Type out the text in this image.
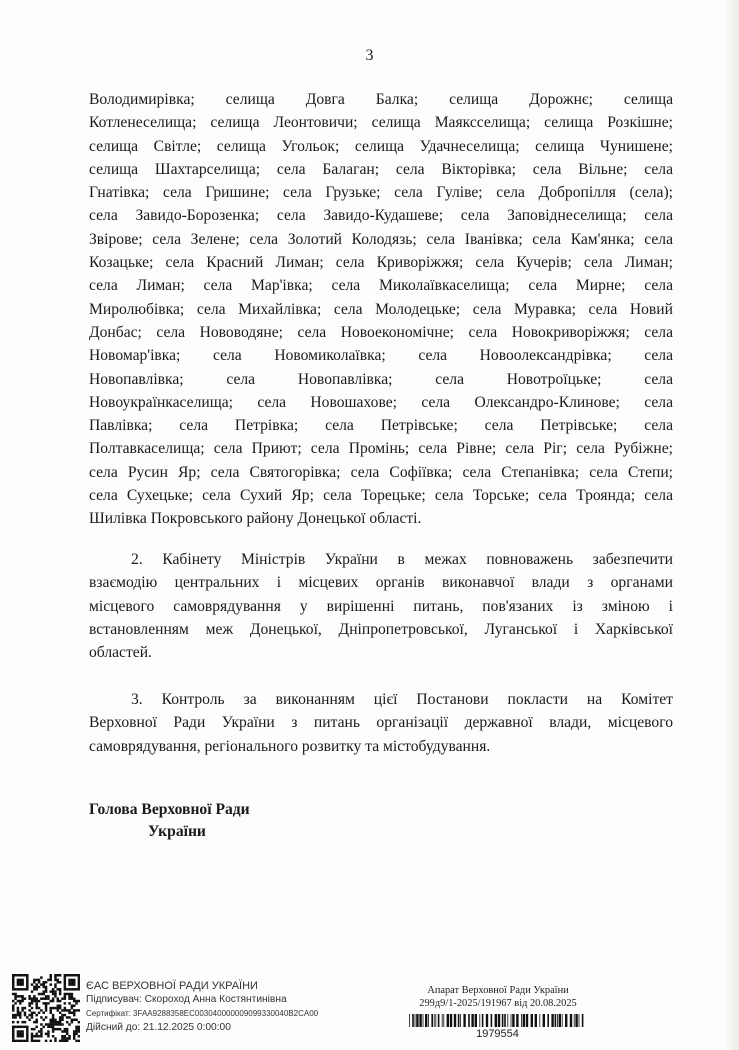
3
Володимирівка; селища Довга Балка; селища Дорожнє; селища
Котленеселища; селища Леонтовичи; селища Маяксселища; селища Розкішне;
селища Світле; селища Угольок; селища Удачнеселища; селища Чунишене;
селища Шахтарселища; села Балаган; села Вікторівка; села Вільне; села
Гнатівка; села Гришине; села Грузьке; села Гуліве; села Добропілля (села);
села Завидо-Борозенка; села Завидо-Кудашеве; села Заповіднеселища; села
Звірове; села Зелене; села Золотий Колодязь; села Іванівка; села Кам'янка; села
Козацьке; села Красний Лиман; села Криворіжжя; села Кучерів; села Лиман;
села Лиман; села Мар'івка; села Миколаївкаселища; села Мирне; села
Миролюбівка; села Михайлівка; села Молодецьке; села Муравка; села Новий
Донбас; села Нововодяне; села Новоекономічне; села Новокриворіжжя; села
Новомар'івка; села Новомиколаївка; села Новоолександрівка; села
Новопавлівка; села Новопавлівка; села Новотроїцьке; села
Новоукраїнкаселища; села Новошахове; села Олександро-Клинове; села
Павлівка; села Петрівка; села Петрівське; села Петрівське; села
Полтавкаселища; села Приют; села Промінь; села Рівне; села Ріг; села Рубіжне;
села Русин Яр; села Святогорівка; села Софіївка; села Степанівка; села Степи;
села Сухецьке; села Сухий Яр; села Торецьке; села Торське; села Троянда; села
Шилівка Покровського району Донецької області.
2. Кабінету Міністрів України в межах повноважень забезпечити
взаємодію центральних і місцевих органів виконавчої влади з органами
місцевого самоврядування у вирішенні питань, пов'язаних із зміною і
встановленням меж Донецької, Дніпропетровської, Луганської і Харківської
областей.
3. Контроль за виконанням цієї Постанови покласти на Комітет
Верховної Ради України з питань організації державної влади, місцевого
самоврядування, регіонального розвитку та містобудування.
Голова Верховної Ради
України
ЄАС ВЕРХОВНОЇ РАДИ УКРАЇНИ
Підписувач: Скороход Анна Костянтинівна
Сертифікат: 3FAA9288358EC003040000009099330040B2CA00
Дійсний до: 21.12.2025 0:00:00
Апарат Верховної Ради України
299д9/1-2025/191967 від 20.08.2025
1979554
